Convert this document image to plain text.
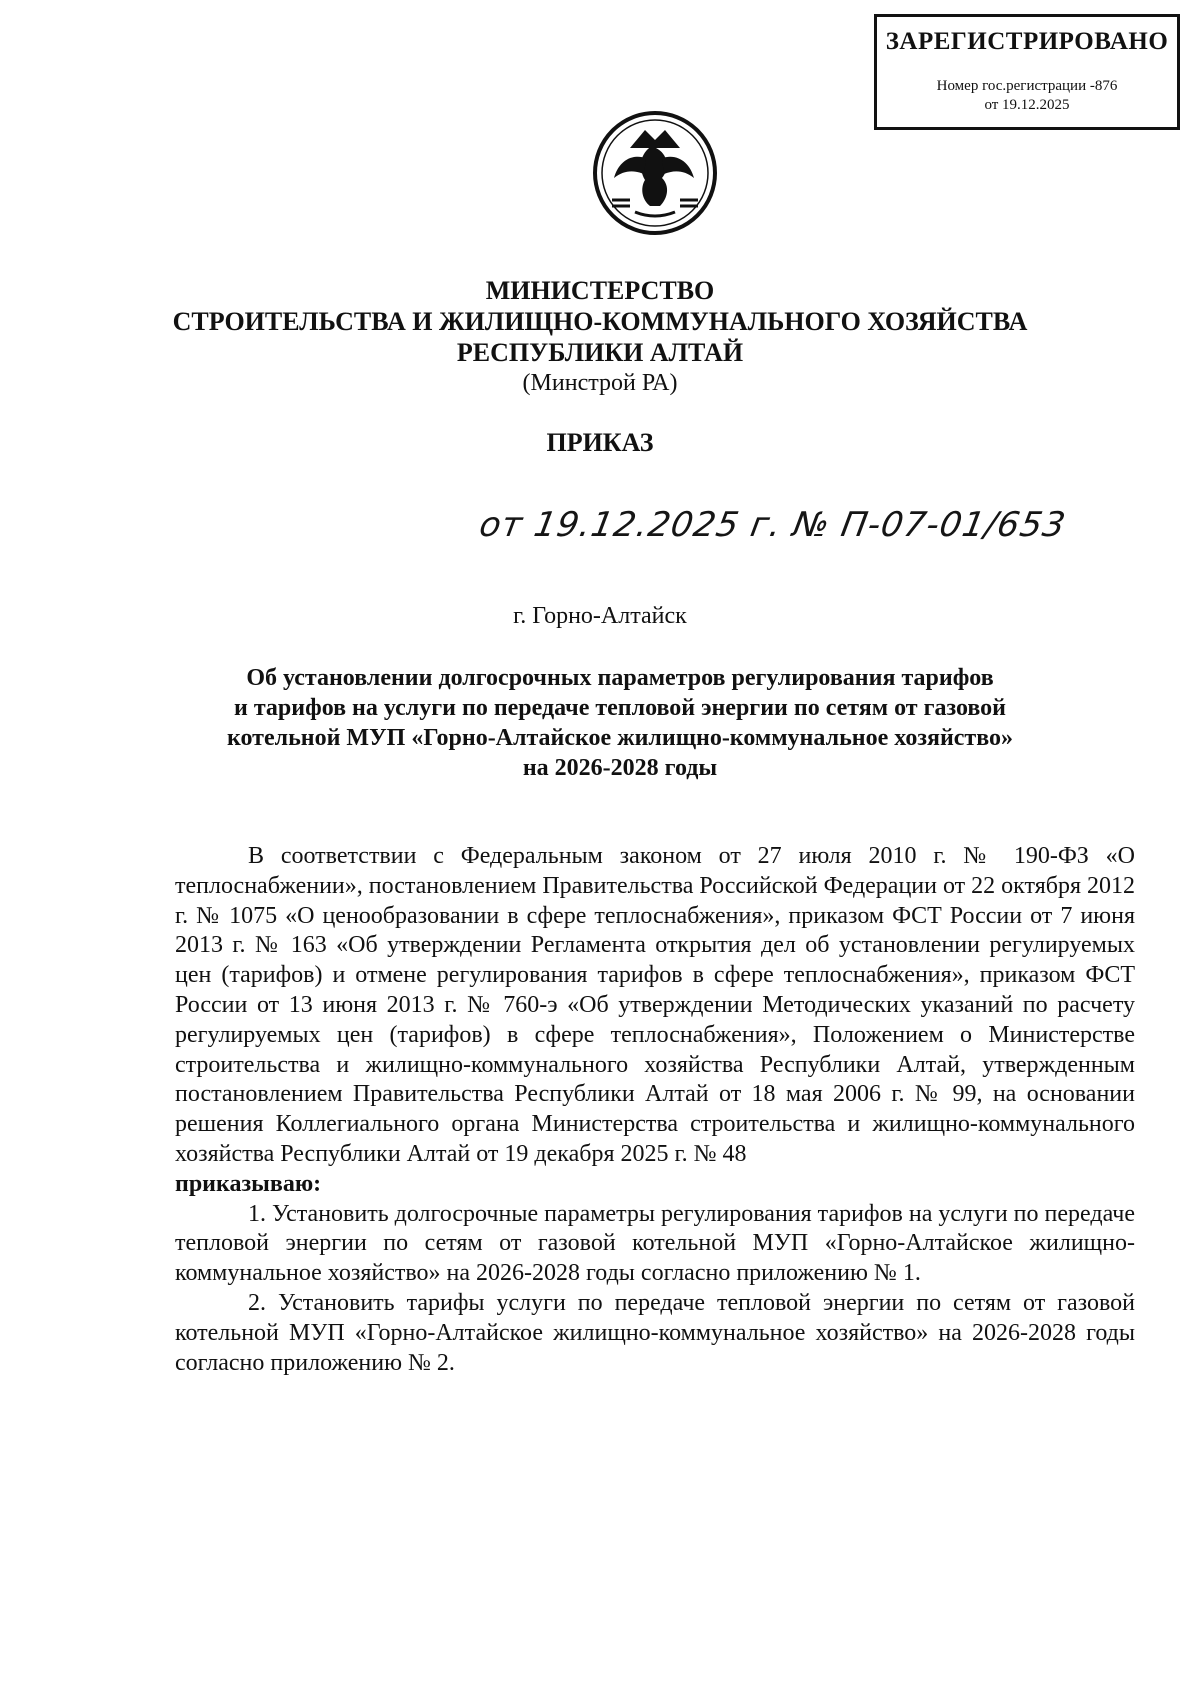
ЗАРЕГИСТРИРОВАНО
Номер гос.регистрации -876
от 19.12.2025
МИНИСТЕРСТВО
СТРОИТЕЛЬСТВА И ЖИЛИЩНО-КОММУНАЛЬНОГО ХОЗЯЙСТВА
РЕСПУБЛИКИ АЛТАЙ
(Минстрой РА)
ПРИКАЗ
от 19.12.2025 г. № П-07-01/653
г. Горно-Алтайск
Об установлении долгосрочных параметров регулирования тарифов
и тарифов на услуги по передаче тепловой энергии по сетям от газовой
котельной МУП «Горно-Алтайское жилищно-коммунальное хозяйство»
на 2026-2028 годы

В соответствии с Федеральным законом от 27 июля 2010 г. № 190-ФЗ «О теплоснабжении», постановлением Правительства Российской Федерации от 22 октября 2012 г. № 1075 «О ценообразовании в сфере теплоснабжения», приказом ФСТ России от 7 июня 2013 г. № 163 «Об утверждении Регламента открытия дел об установлении регулируемых цен (тарифов) и отмене регулирования тарифов в сфере теплоснабжения», приказом ФСТ России от 13 июня 2013 г. № 760-э «Об утверждении Методических указаний по расчету регулируемых цен (тарифов) в сфере теплоснабжения», Положением о Министерстве строительства и жилищно-коммунального хозяйства Республики Алтай, утвержденным постановлением Правительства Республики Алтай от 18 мая 2006 г. № 99, на основании решения Коллегиального органа Министерства строительства и жилищно-коммунального хозяйства Республики Алтай от 19 декабря 2025 г. № 48

приказываю:

1. Установить долгосрочные параметры регулирования тарифов на услуги по передаче тепловой энергии по сетям от газовой котельной МУП «Горно-Алтайское жилищно-коммунальное хозяйство» на 2026-2028 годы согласно приложению № 1.

2. Установить тарифы услуги по передаче тепловой энергии по сетям от газовой котельной МУП «Горно-Алтайское жилищно-коммунальное хозяйство» на 2026-2028 годы согласно приложению № 2.
